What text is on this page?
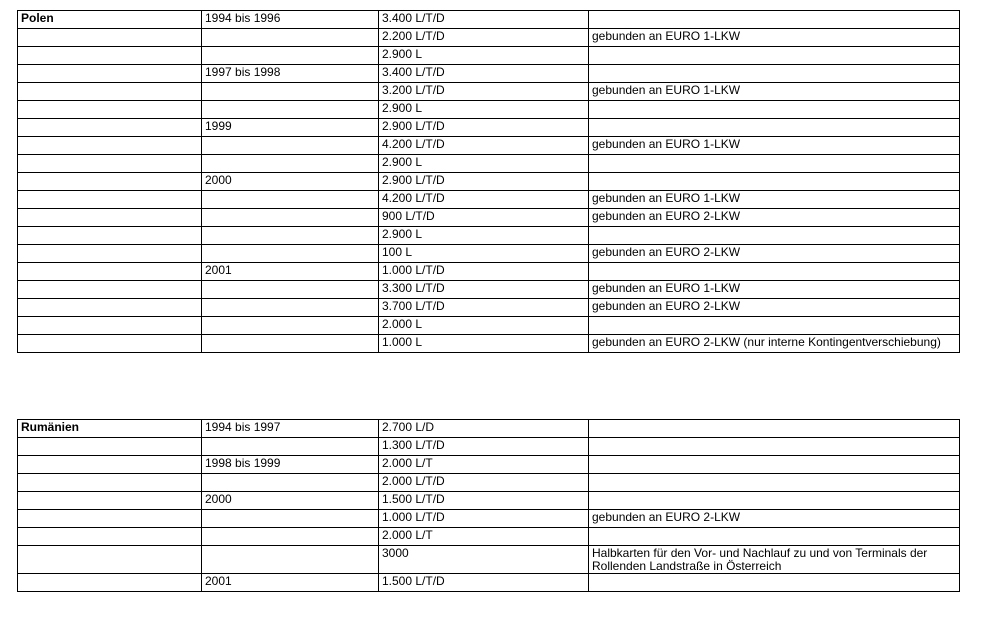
Polen	1994 bis 1996	3.400 L/T/D	
		2.200 L/T/D	gebunden an EURO 1-LKW
		2.900 L	
	1997 bis 1998	3.400 L/T/D	
		3.200 L/T/D	gebunden an EURO 1-LKW
		2.900 L	
	1999	2.900 L/T/D	
		4.200 L/T/D	gebunden an EURO 1-LKW
		2.900 L	
	2000	2.900 L/T/D	
		4.200 L/T/D	gebunden an EURO 1-LKW
		900 L/T/D	gebunden an EURO 2-LKW
		2.900 L	
		100 L	gebunden an EURO 2-LKW
	2001	1.000 L/T/D	
		3.300 L/T/D	gebunden an EURO 1-LKW
		3.700 L/T/D	gebunden an EURO 2-LKW
		2.000 L	
		1.000 L	gebunden an EURO 2-LKW (nur interne Kontingentverschiebung)
Rumänien	1994 bis 1997	2.700 L/D	
		1.300 L/T/D	
	1998 bis 1999	2.000 L/T	
		2.000 L/T/D	
	2000	1.500 L/T/D	
		1.000 L/T/D	gebunden an EURO 2-LKW
		2.000 L/T	
		3000	Halbkarten für den Vor- und Nachlauf zu und von Terminals der Rollenden Landstraße in Österreich
	2001	1.500 L/T/D	
